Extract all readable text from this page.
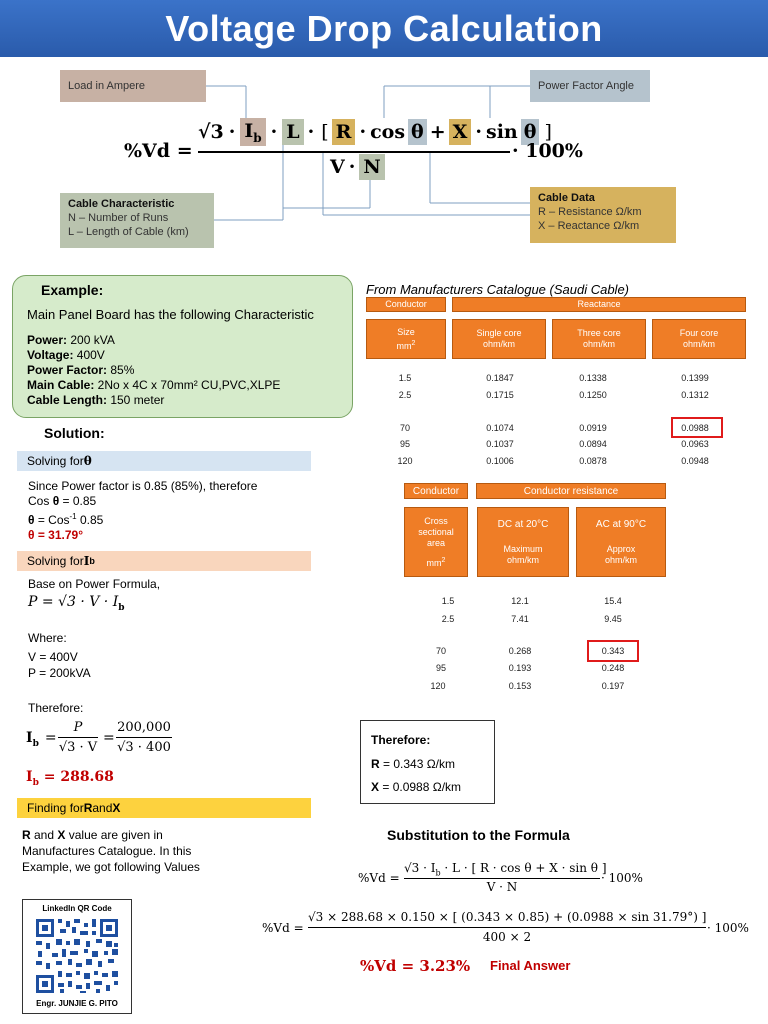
Voltage Drop Calculation
Load in Ampere	Power Factor Angle
Cable Characteristic
N – Number of Runs
L – Length of Cable (km)
Cable Data
R – Resistance Ω/km
X – Reactance Ω/km
%Vd =
$√3 \cdot I_b \cdot L$ · [ R · cos θ + X · sin θ ]
V · N
· 100%
Example:
Main Panel Board has the following Characteristic
Power: 200 kVA
Voltage: 400V
Power Factor: 85%
Main Cable: 2No x 4C x 70mm² CU,PVC,XLPE
Cable Length: 150 meter
Solution:
Solving for θ
Since Power factor is 0.85 (85%), therefore
Cos θ = 0.85
θ = Cos$^{-1}$ 0.85
θ = 31.79°
Solving for I b
Base on Power Formula,
$P = √3 \cdot V \cdot I_b$
Where:
V = 400V
P = 200kVA
Therefore:
$I_b$ =
P
√3 · V
=
200,000
√3 · 400
$I_b = 288.68$
Finding for R and X
R and X value are given in
Manufactures Catalogue. In this
Example, we got following Values
From Manufacturers Catalogue (Saudi Cable)
Conductor	Reactance
Size
$mm^2$
Single core
ohm/km
Three core
ohm/km
Four core
ohm/km
1.5	0.1847	0.1338	0.1399
2.5	0.1715	0.1250	0.1312
70	0.1074	0.0919	0.0988
95	0.1037	0.0894	0.0963
120	0.1006	0.0878	0.0948
Conductor	Conductor resistance
Cross
sectional
area
$mm^2$
DC at 20°C
Maximum
ohm/km
AC at 90°C
Approx
ohm/km
1.5	12.1	15.4
2.5	7.41	9.45
70	0.268	0.343
95	0.193	0.248
120	0.153	0.197
Therefore:
R = 0.343 Ω/km
X = 0.0988 Ω/km
Substitution to the Formula
%Vd =
$√3 \cdot I_b \cdot L$ · [ R · cos θ + X · sin θ ]
V · N
· 100%
%Vd =
√3 × 288.68 × 0.150 × [ (0.343 × 0.85) + (0.0988 × sin 31.79°) ]
400 × 2
· 100%
%Vd = 3.23% Final Answer
LinkedIn QR Code
Engr. JUNJIE G. PITO
